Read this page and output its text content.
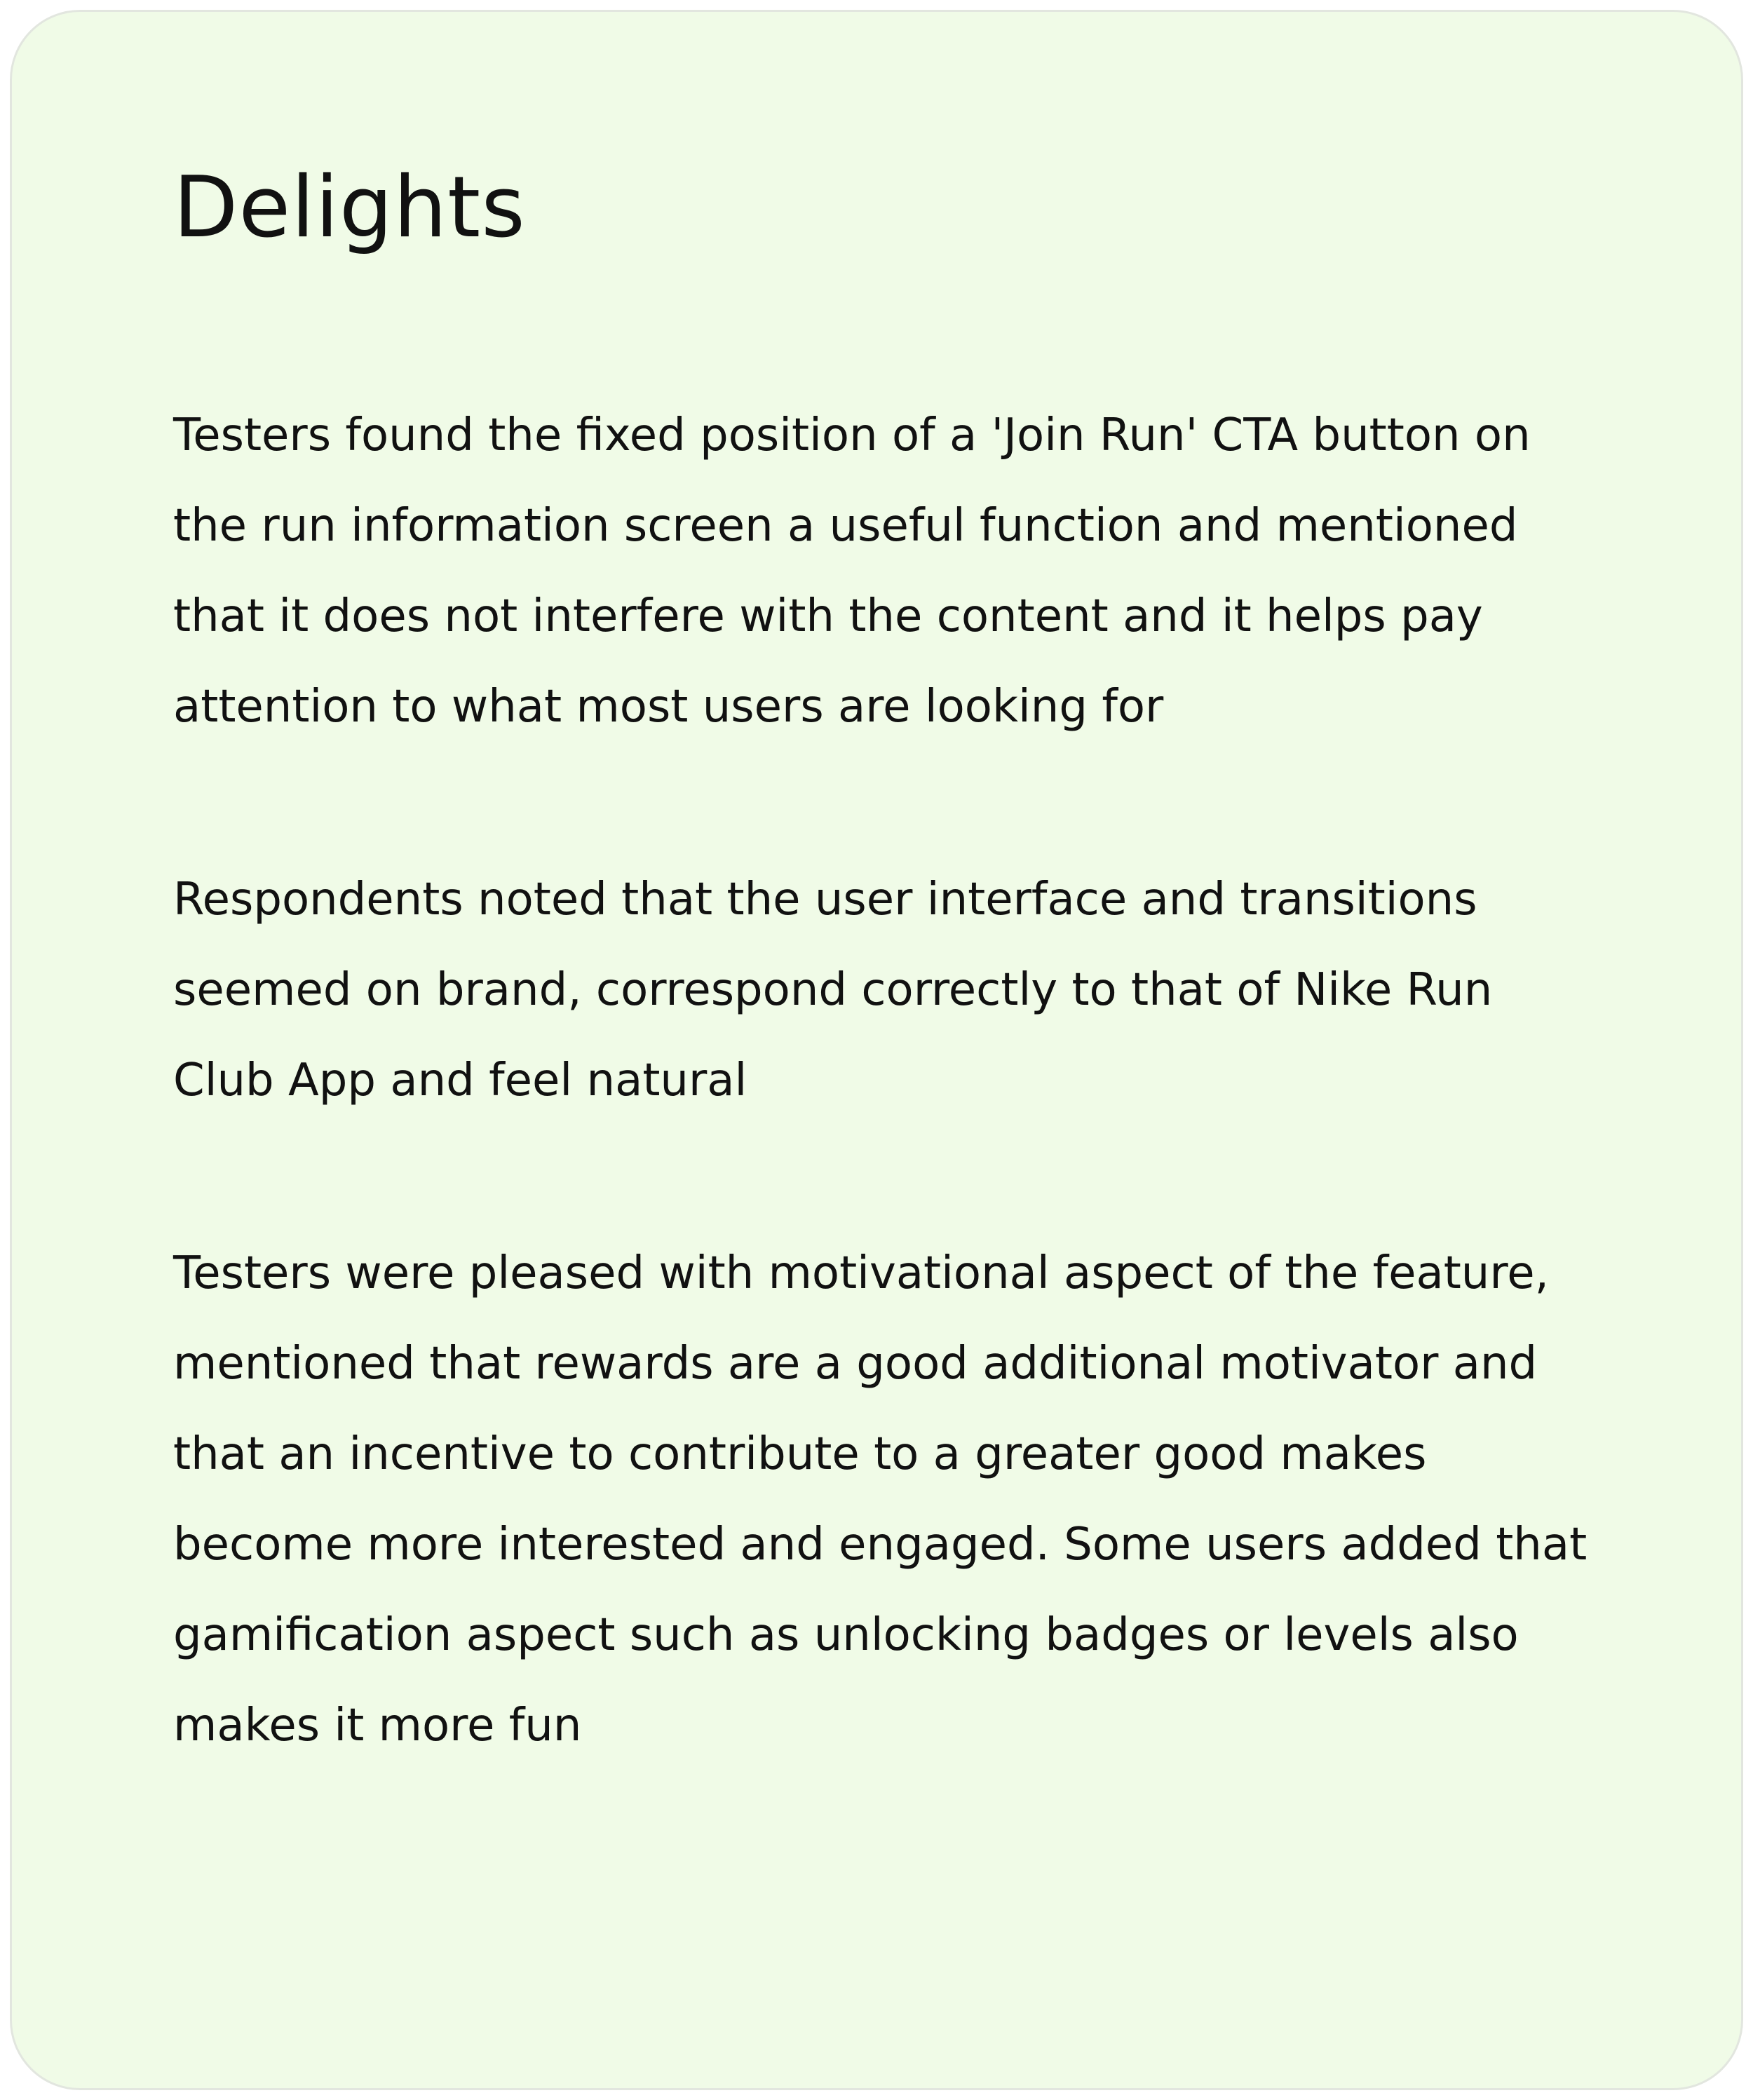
Delights

Testers found the fixed position of a 'Join Run' CTA button on the run information screen a useful function and mentioned that it does not interfere with the content and it helps pay attention to what most users are looking for

Respondents noted that the user interface and transitions seemed on brand, correspond correctly to that of Nike Run Club App and feel natural

Testers were pleased with motivational aspect of the feature, mentioned that rewards are a good additional motivator and that an incentive to contribute to a greater good makes become more interested and engaged. Some users added that gamification aspect such as unlocking badges or levels also makes it more fun
